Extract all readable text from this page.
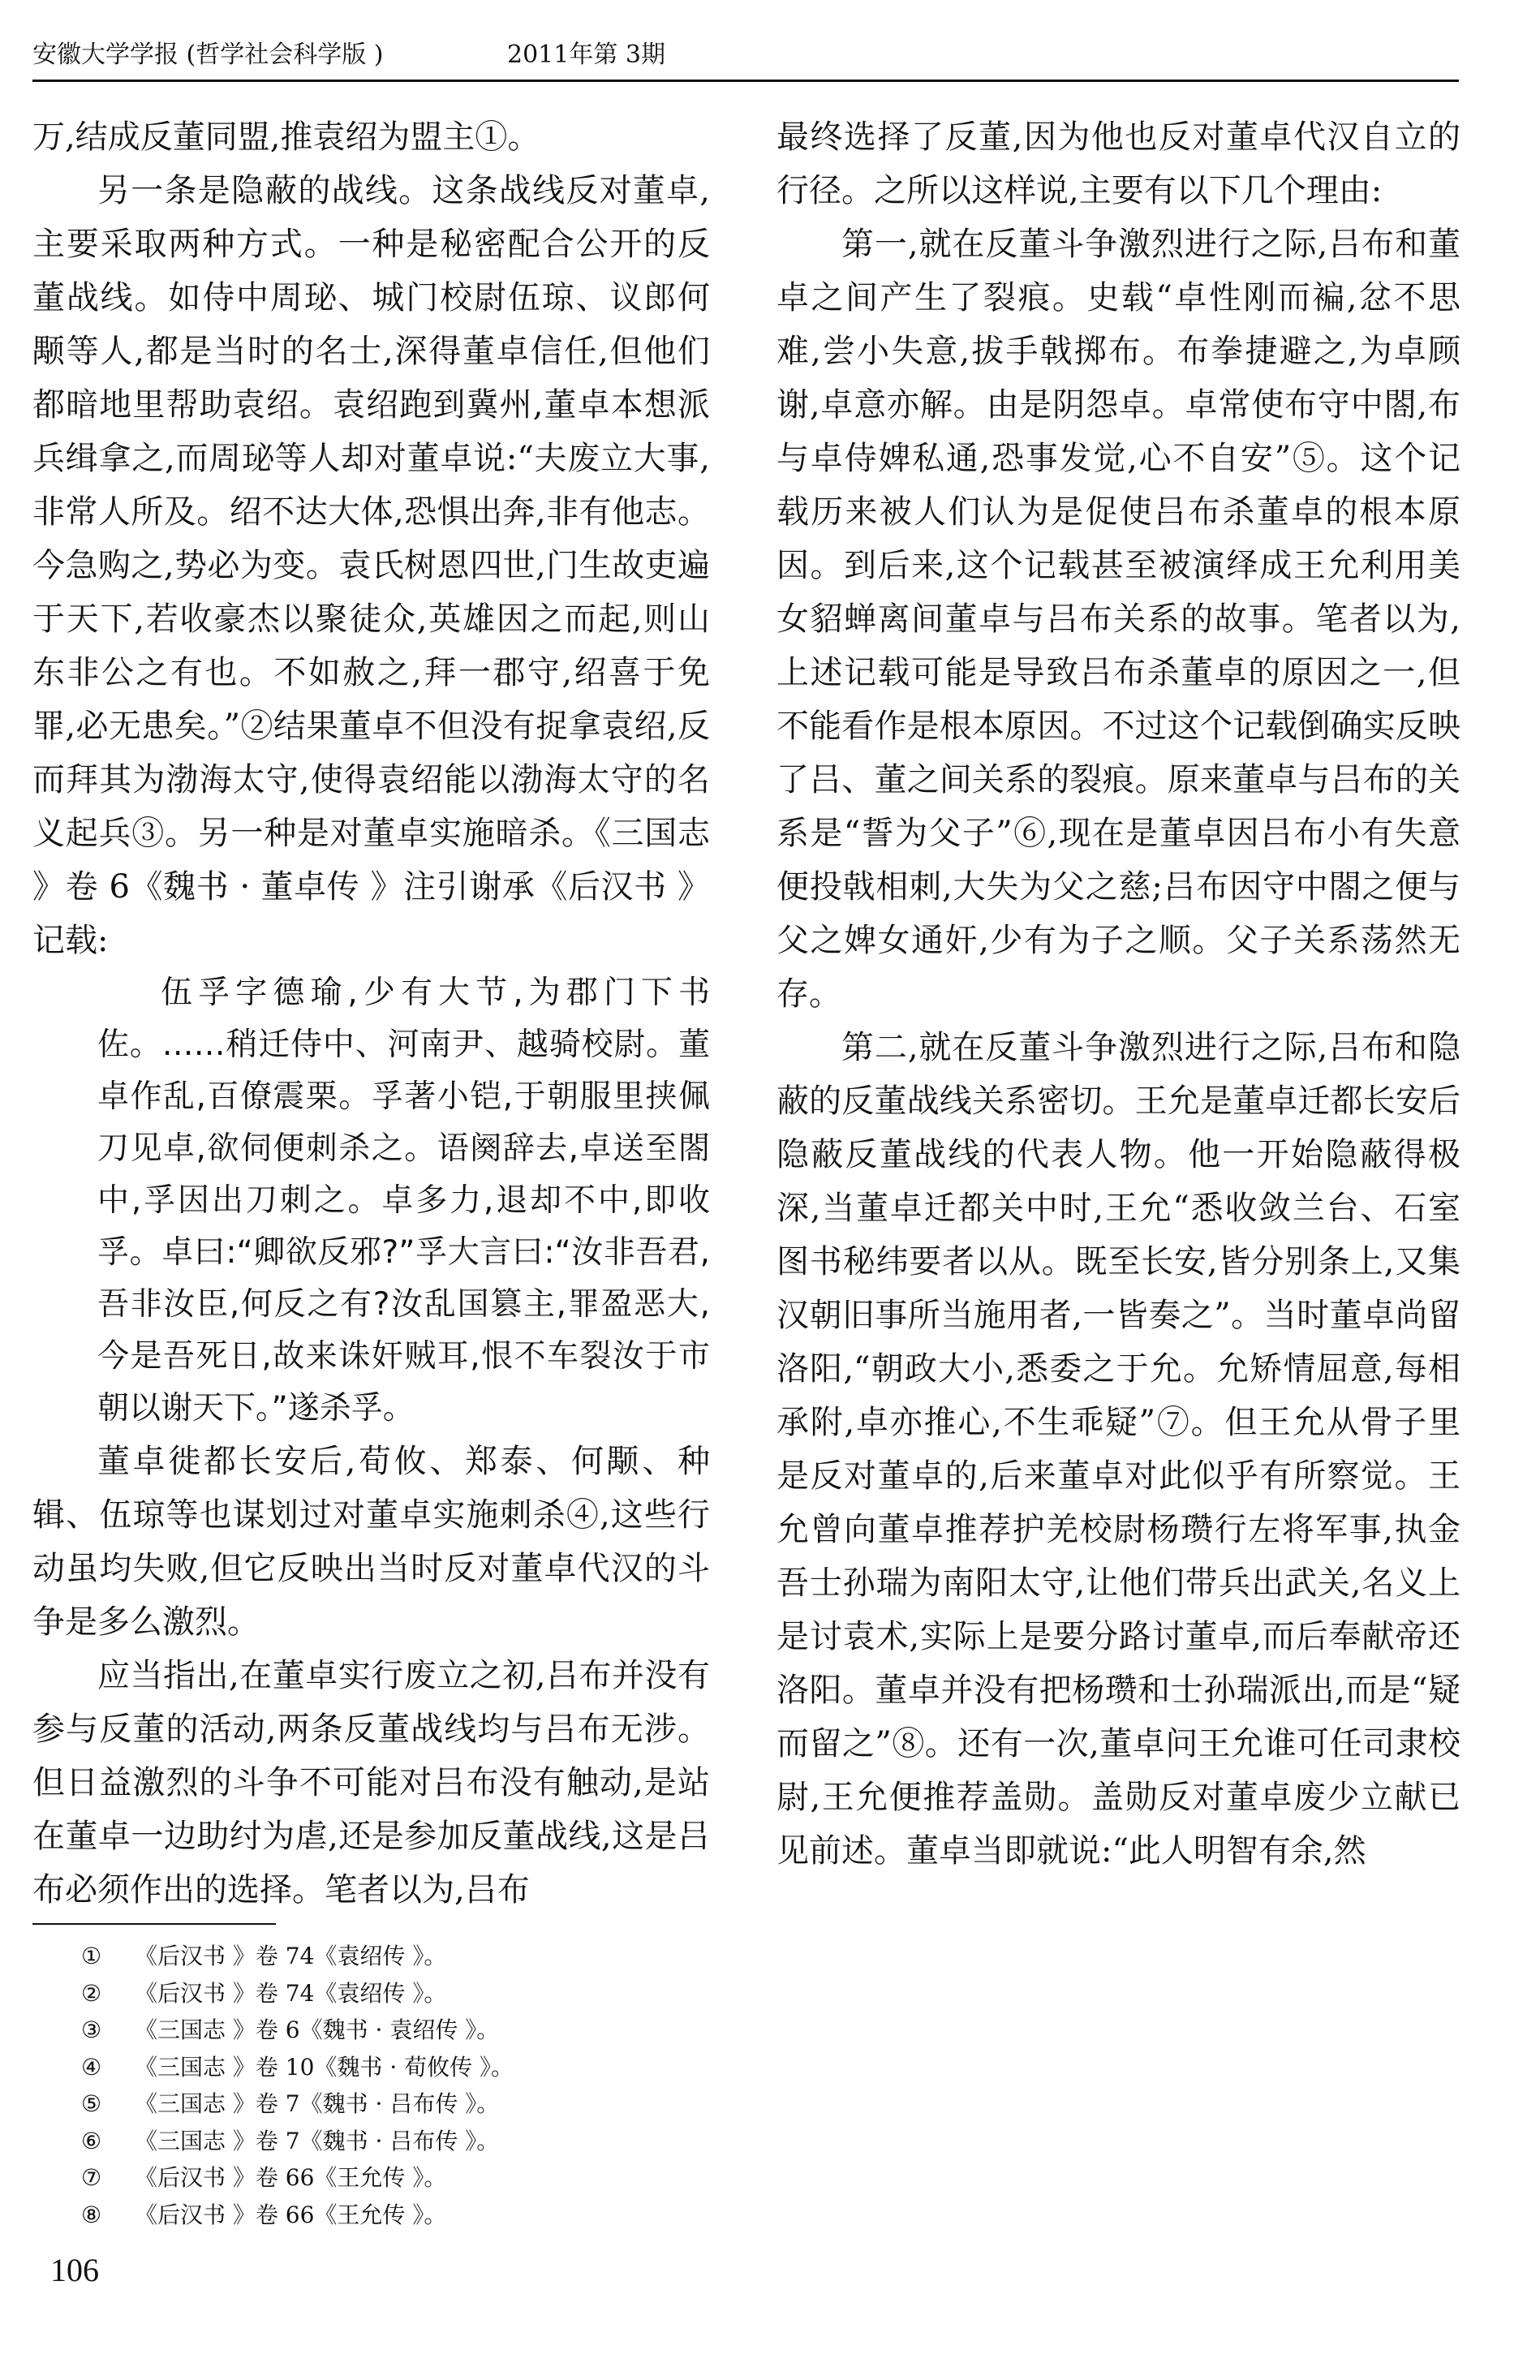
安徽大学学报 (哲学社会科学版 )	2011年第 3期

万,结成反董同盟,推袁绍为盟主①。

另一条是隐蔽的战线。这条战线反对董卓,主要采取两种方式。一种是秘密配合公开的反董战线。如侍中周珌、城门校尉伍琼、议郎何颙等人,都是当时的名士,深得董卓信任,但他们都暗地里帮助袁绍。袁绍跑到冀州,董卓本想派兵缉拿之,而周珌等人却对董卓说:“夫废立大事,非常人所及。绍不达大体,恐惧出奔,非有他志。今急购之,势必为变。袁氏树恩四世,门生故吏遍于天下,若收豪杰以聚徒众,英雄因之而起,则山东非公之有也。不如赦之,拜一郡守,绍喜于免罪,必无患矣。”②结果董卓不但没有捉拿袁绍,反而拜其为渤海太守,使得袁绍能以渤海太守的名义起兵③。另一种是对董卓实施暗杀。《三国志 》卷 6《魏书 · 董卓传 》注引谢承《后汉书 》记载:

伍孚字德瑜,少有大节,为郡门下书佐。……稍迁侍中、河南尹、越骑校尉。董卓作乱,百僚震栗。孚著小铠,于朝服里挟佩刀见卓,欲伺便刺杀之。语阕辞去,卓送至閤中,孚因出刀刺之。卓多力,退却不中,即收孚。卓曰:“卿欲反邪?”孚大言曰:“汝非吾君,吾非汝臣,何反之有?汝乱国篡主,罪盈恶大,今是吾死日,故来诛奸贼耳,恨不车裂汝于市朝以谢天下。”遂杀孚。

董卓徙都长安后,荀攸、郑泰、何颙、种辑、伍琼等也谋划过对董卓实施刺杀④,这些行动虽均失败,但它反映出当时反对董卓代汉的斗争是多么激烈。

应当指出,在董卓实行废立之初,吕布并没有参与反董的活动,两条反董战线均与吕布无涉。但日益激烈的斗争不可能对吕布没有触动,是站在董卓一边助纣为虐,还是参加反董战线,这是吕布必须作出的选择。笔者以为,吕布

最终选择了反董,因为他也反对董卓代汉自立的行径。之所以这样说,主要有以下几个理由:

第一,就在反董斗争激烈进行之际,吕布和董卓之间产生了裂痕。史载“卓性刚而褊,忿不思难,尝小失意,拔手戟掷布。布拳捷避之,为卓顾谢,卓意亦解。由是阴怨卓。卓常使布守中閤,布与卓侍婢私通,恐事发觉,心不自安”⑤。这个记载历来被人们认为是促使吕布杀董卓的根本原因。到后来,这个记载甚至被演绎成王允利用美女貂蝉离间董卓与吕布关系的故事。笔者以为,上述记载可能是导致吕布杀董卓的原因之一,但不能看作是根本原因。不过这个记载倒确实反映了吕、董之间关系的裂痕。原来董卓与吕布的关系是“誓为父子”⑥,现在是董卓因吕布小有失意便投戟相刺,大失为父之慈;吕布因守中閤之便与父之婢女通奸,少有为子之顺。父子关系荡然无存。

第二,就在反董斗争激烈进行之际,吕布和隐蔽的反董战线关系密切。王允是董卓迁都长安后隐蔽反董战线的代表人物。他一开始隐蔽得极深,当董卓迁都关中时,王允“悉收敛兰台、石室图书秘纬要者以从。既至长安,皆分别条上,又集汉朝旧事所当施用者,一皆奏之”。当时董卓尚留洛阳,“朝政大小,悉委之于允。允矫情屈意,每相承附,卓亦推心,不生乖疑”⑦。但王允从骨子里是反对董卓的,后来董卓对此似乎有所察觉。王允曾向董卓推荐护羌校尉杨瓒行左将军事,执金吾士孙瑞为南阳太守,让他们带兵出武关,名义上是讨袁术,实际上是要分路讨董卓,而后奉献帝还洛阳。董卓并没有把杨瓒和士孙瑞派出,而是“疑而留之”⑧。还有一次,董卓问王允谁可任司隶校尉,王允便推荐盖勋。盖勋反对董卓废少立献已见前述。董卓当即就说:“此人明智有余,然

① 《后汉书 》卷 74《袁绍传 》。
② 《后汉书 》卷 74《袁绍传 》。
③ 《三国志 》卷 6《魏书 · 袁绍传 》。
④ 《三国志 》卷 10《魏书 · 荀攸传 》。
⑤ 《三国志 》卷 7《魏书 · 吕布传 》。
⑥ 《三国志 》卷 7《魏书 · 吕布传 》。
⑦ 《后汉书 》卷 66《王允传 》。
⑧ 《后汉书 》卷 66《王允传 》。
106
